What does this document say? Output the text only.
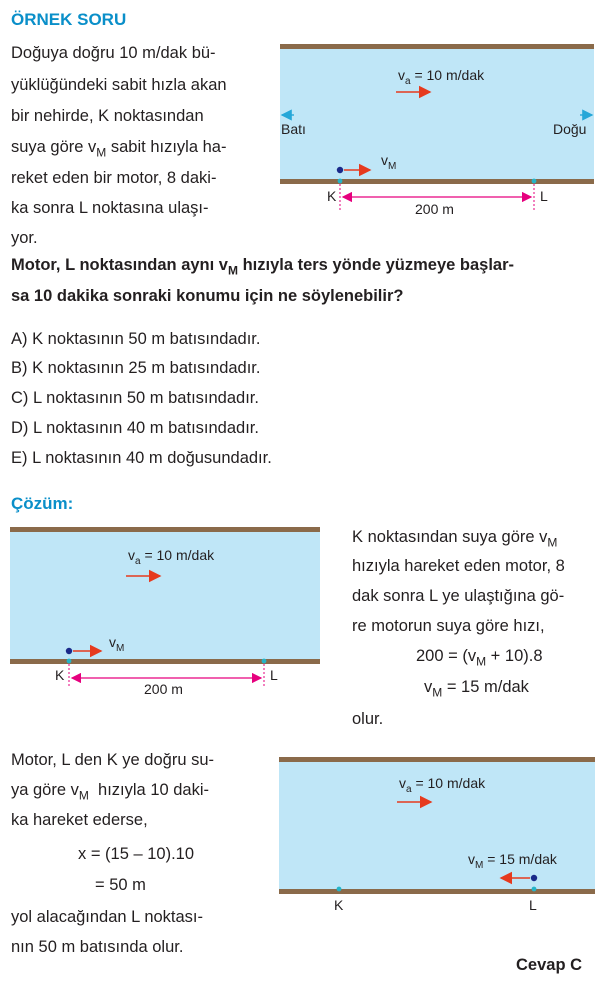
ÖRNEK SORU
Doğuya doğru 10 m/dak bü-
yüklüğündeki sabit hızla akan
bir nehirde, K noktasından
suya göre $v_M$ sabit hızıyla ha-
reket eden bir motor, 8 daki-
ka sonra L noktasına ulaşı-
yor.
$v_a = 10$ m/dak
Batı	Doğu
$v_M$
K	L
200 m
Motor, L noktasından aynı $v_M$ hızıyla ters yönde yüzmeye başlar-
sa 10 dakika sonraki konumu için ne söylenebilir?
A) K noktasının 50 m batısındadır.
B) K noktasının 25 m batısındadır.
C) L noktasının 50 m batısındadır.
D) L noktasının 40 m batısındadır.
E) L noktasının 40 m doğusundadır.
Çözüm:
$v_a = 10$ m/dak
$v_M$
K	L
200 m
K noktasından suya göre $v_M$
hızıyla hareket eden motor, 8
dak sonra L ye ulaştığına gö-
re motorun suya göre hızı,
$200 = (v_M + 10).8$
$v_M = 15$ m/dak
olur.
Motor, L den K ye doğru su-
ya göre $v_M$  hızıyla 10 daki-
ka hareket ederse,
x = (15 – 10).10
= 50 m
yol alacağından L noktası-
nın 50 m batısında olur.
$v_a = 10$ m/dak
$v_M = 15$ m/dak
K	L
Cevap C
